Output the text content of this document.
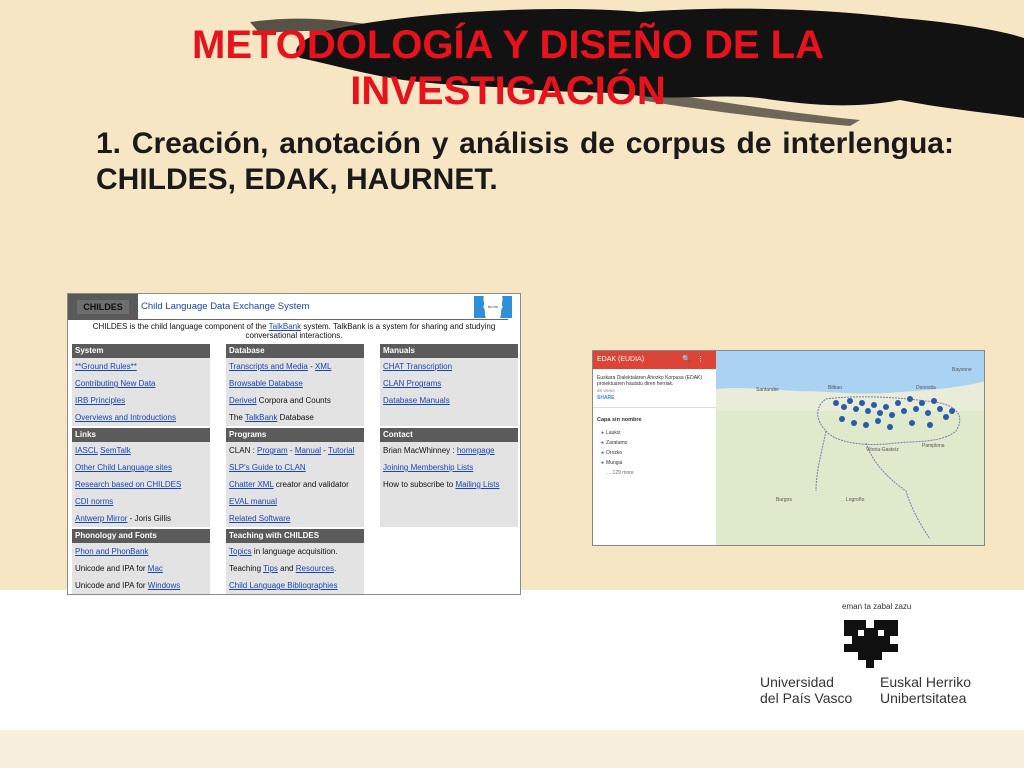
METODOLOGÍA Y DISEÑO DE LA INVESTIGACIÓN
1. Creación, anotación y análisis de corpus de interlengua: CHILDES, EDAK, HAURNET.
CHILDES	Child Language Data Exchange System	bo bo
CHILDES is the child language component of the TalkBank system. TalkBank is a system for sharing and studying conversational interactions.
System
**Ground Rules**
Contributing New Data
IRB Principles
Overviews and Introductions
Links
IASCL SemTalk
Other Child Language sites
Research based on CHILDES
CDI norms
Antwerp Mirror - Joris Gillis
Phonology and Fonts
Phon and PhonBank
Unicode and IPA for Mac
Unicode and IPA for Windows
Database
Transcripts and Media - XML
Browsable Database
Derived Corpora and Counts
The TalkBank Database
Programs
CLAN : Program - Manual - Tutorial
SLP's Guide to CLAN
Chatter XML creator and validator
EVAL manual
Related Software
Teaching with CHILDES
Topics in language acquisition.
Teaching Tips and Resources.
Child Language Bibliographies
Manuals
CHAT Transcription
CLAN Programs
Database Manuals
Contact
Brian MacWhinney : homepage
Joining Membership Lists
How to subscribe to Mailing Lists
EDAK (EUDIA)	🔍⋮
Euskara Dialektalaren Ahozko Korpusa (EDAK) proiektuaren hautatu diren herriak.
56 views
SHARE
Capa sin nombre
● Laukiz
● Zaratamo
● Orozko
● Mungia
... 129 more
Santander	Bilbao	Donostia
Vitoria-Gasteiz
Pamplona
Logroño
Burgos
Bayonne
eman ta zabal zazu
Universidad
del País Vasco
Euskal Herriko
Unibertsitatea
